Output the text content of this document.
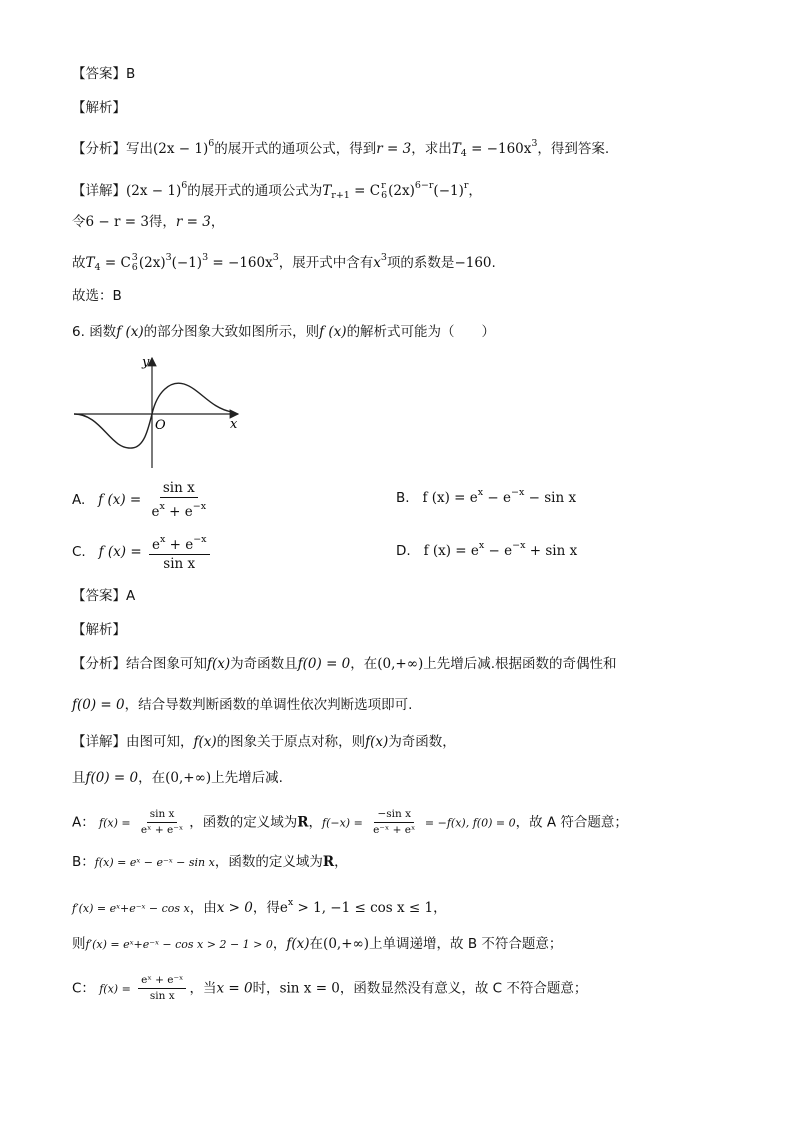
【答案】B
【解析】
【分析】写出$(2x - 1)^6$的展开式的通项公式，得到r = 3，求出$T_4 = -160x^3$，得到答案.
【详解】$(2x - 1)^6$的展开式的通项公式为$T_{r+1} = C$ r
6 $(2x)^{6-r}(-1)^r$，
令6 − r = 3得，r = 3，
故$T_4 = C$ 3
6 $(2x)^3(-1)^3 = -160x^3$，展开式中含有$x^3$项的系数是−160.
故选：B
6. 函数f (x)的部分图象大致如图所示，则f (x)的解析式可能为（　　）
y
x
O
A. f $(x) = \frac{\text{sin x}}{e^x + e^{-x}}$	B. f $(x) = e^x - e^{-x} - \sin x$
C. f $(x) = \frac{e^x + e^{-x}}{\text{sin x}}$	D. f $(x) = e^x - e^{-x} + \sin x$
【答案】A
【解析】
【分析】结合图象可知f(x)为奇函数且f(0) = 0，在(0,+∞)上先增后减.根据函数的奇偶性和
f(0) = 0，结合导数判断函数的单调性依次判断选项即可.
【详解】由图可知，f(x)的图象关于原点对称，则f(x)为奇函数，
且f(0) = 0，在(0,+∞)上先增后减.
A： $f(x) = \frac{\text{sin x}}{\text{eˣ + e⁻ˣ}}$ ，函数的定义域为R，$f(-x) = \frac{\text{−sin x}}{\text{e⁻ˣ + eˣ}} = -f(x)$, f(0) = 0，故 A 符合题意；
B：f(x) = eˣ − e⁻ˣ − sin x，函数的定义域为R，
f′(x) = eˣ+e⁻ˣ − cos x，由x > 0，得$e^x > 1$, −1 ≤ cos x ≤ 1，
则f′(x) = eˣ+e⁻ˣ − cos x > 2 − 1 > 0，f(x)在(0,+∞)上单调递增，故 B 不符合题意；
C： $f(x) = \frac{\text{eˣ + e⁻ˣ}}{\text{sin x}}$ ，当x = 0时，sin x = 0，函数显然没有意义，故 C 不符合题意；
